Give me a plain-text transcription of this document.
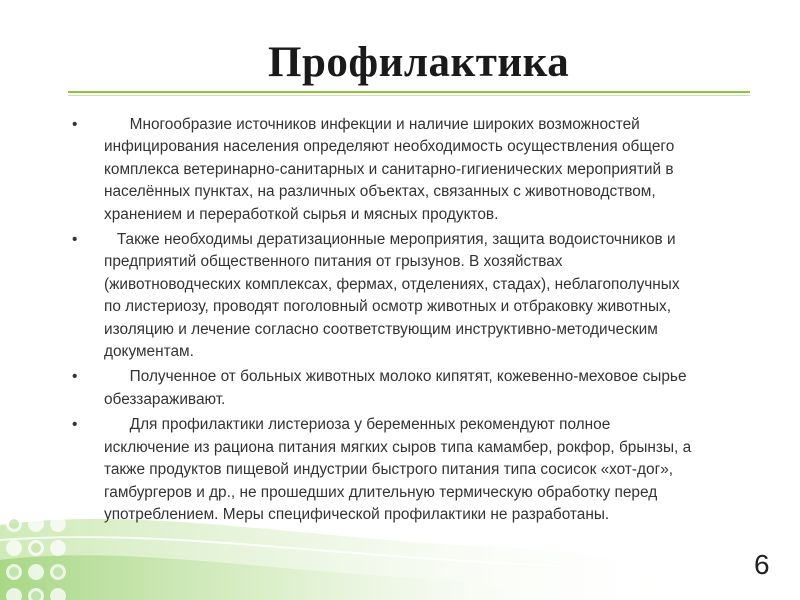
Профилактика
•	Многообразие источников инфекции и наличие широких возможностей инфицирования населения определяют необходимость осуществления общего комплекса ветеринарно-санитарных и санитарно-гигиенических мероприятий в населённых пунктах, на различных объектах, связанных с животноводством, хранением и переработкой сырья и мясных продуктов.
•	Также необходимы дератизационные мероприятия, защита водоисточников и предприятий общественного питания от грызунов. В хозяйствах (животноводческих комплексах, фермах, отделениях, стадах), неблагополучных по листериозу, проводят поголовный осмотр животных и отбраковку животных, изоляцию и лечение согласно соответствующим инструктивно-методическим документам.
•	Полученное от больных животных молоко кипятят, кожевенно-меховое сырье обеззараживают.
•	Для профилактики листериоза у беременных рекомендуют полное исключение из рациона питания мягких сыров типа камамбер, рокфор, брынзы, а также продуктов пищевой индустрии быстрого питания типа сосисок «хот-дог», гамбургеров и др., не прошедших длительную термическую обработку перед употреблением. Меры специфической профилактики не разработаны.
6
